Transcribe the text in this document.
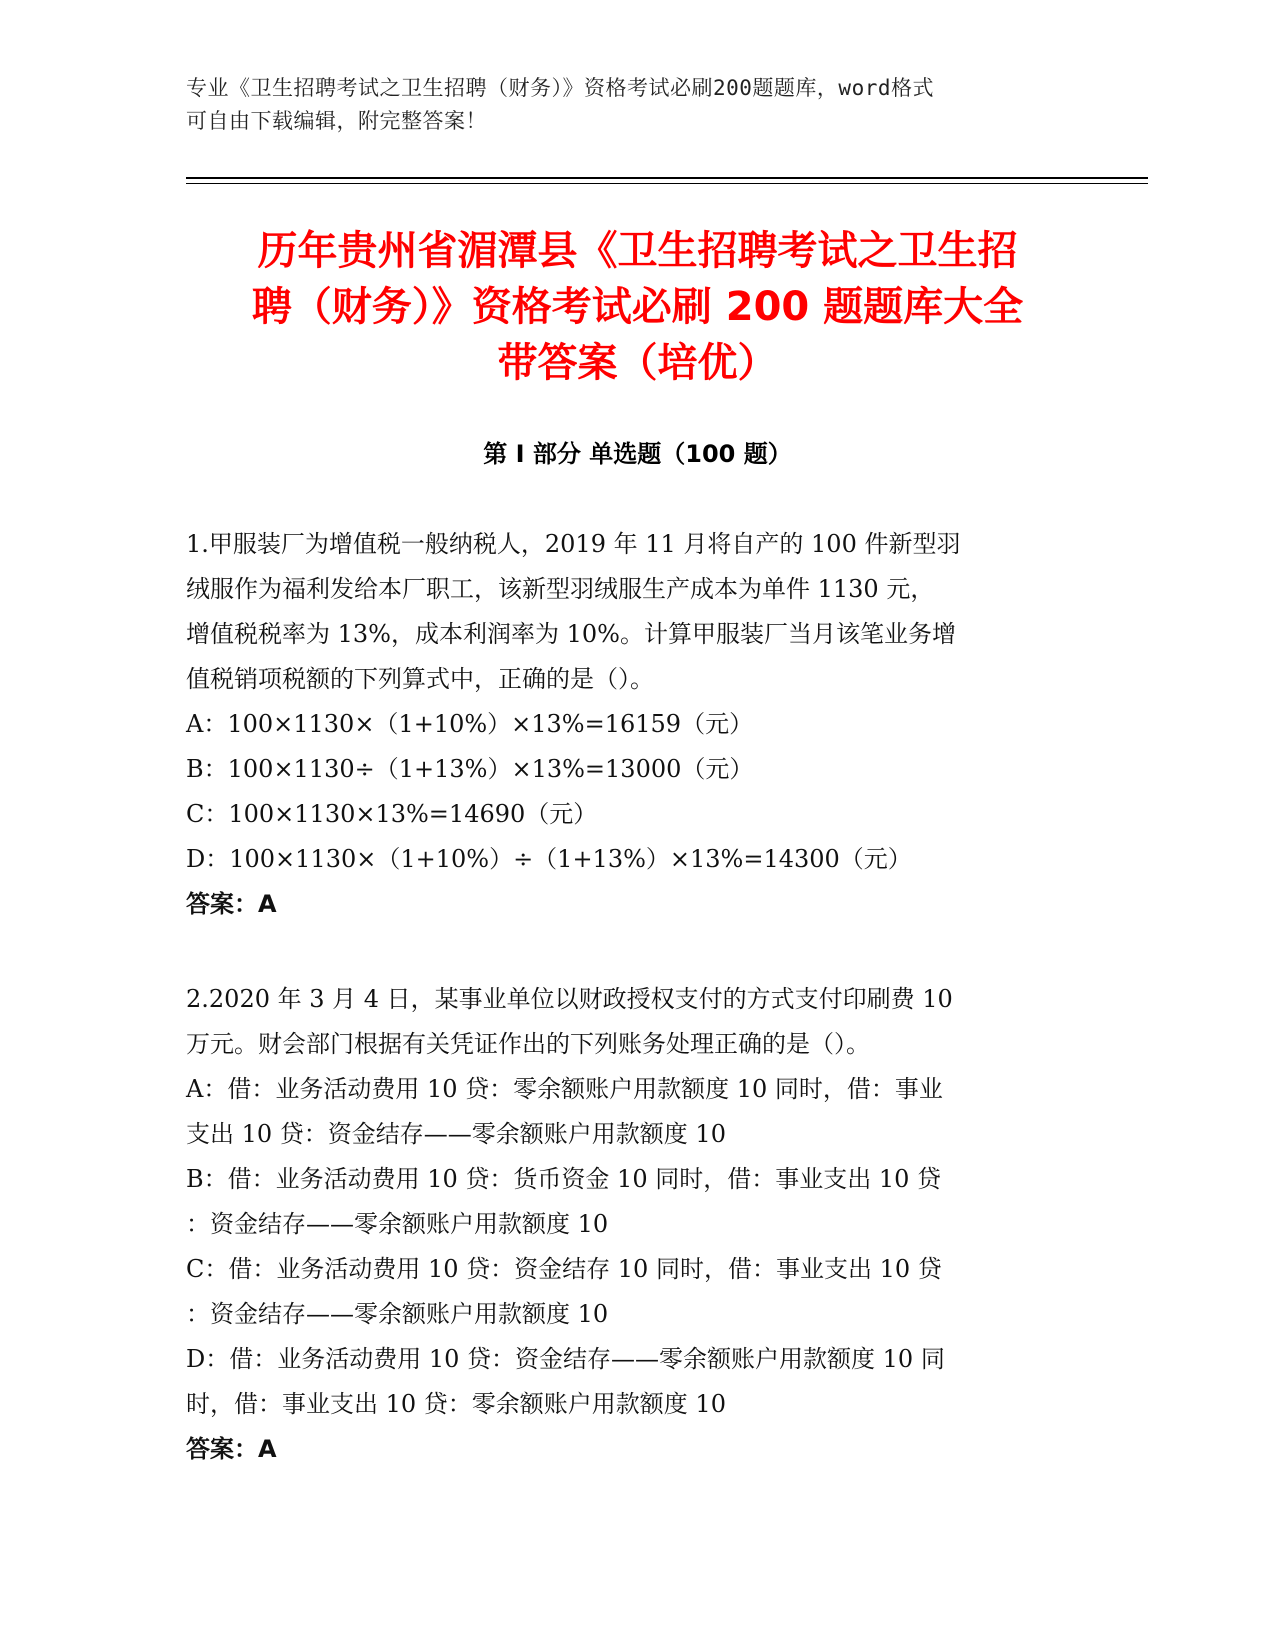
专业《卫生招聘考试之卫生招聘（财务）》资格考试必刷200题题库，word格式
可自由下载编辑，附完整答案！
历年贵州省湄潭县《卫生招聘考试之卫生招
聘（财务）》资格考试必刷 200 题题库大全
带答案（培优）
第 I 部分 单选题（100 题）
1.甲服装厂为增值税一般纳税人，2019 年 11 月将自产的 100 件新型羽
绒服作为福利发给本厂职工，该新型羽绒服生产成本为单件 1130 元，
增值税税率为 13%，成本利润率为 10%。计算甲服装厂当月该笔业务增
值税销项税额的下列算式中，正确的是（）。
A：100×1130×（1+10%）×13%=16159（元）
B：100×1130÷（1+13%）×13%=13000（元）
C：100×1130×13%=14690（元）
D：100×1130×（1+10%）÷（1+13%）×13%=14300（元）
答案：A
2.2020 年 3 月 4 日，某事业单位以财政授权支付的方式支付印刷费 10
万元。财会部门根据有关凭证作出的下列账务处理正确的是（）。
A：借：业务活动费用 10 贷：零余额账户用款额度 10 同时，借：事业
支出 10 贷：资金结存——零余额账户用款额度 10
B：借：业务活动费用 10 贷：货币资金 10 同时，借：事业支出 10 贷
：资金结存——零余额账户用款额度 10
C：借：业务活动费用 10 贷：资金结存 10 同时，借：事业支出 10 贷
：资金结存——零余额账户用款额度 10
D：借：业务活动费用 10 贷：资金结存——零余额账户用款额度 10 同
时，借：事业支出 10 贷：零余额账户用款额度 10
答案：A
